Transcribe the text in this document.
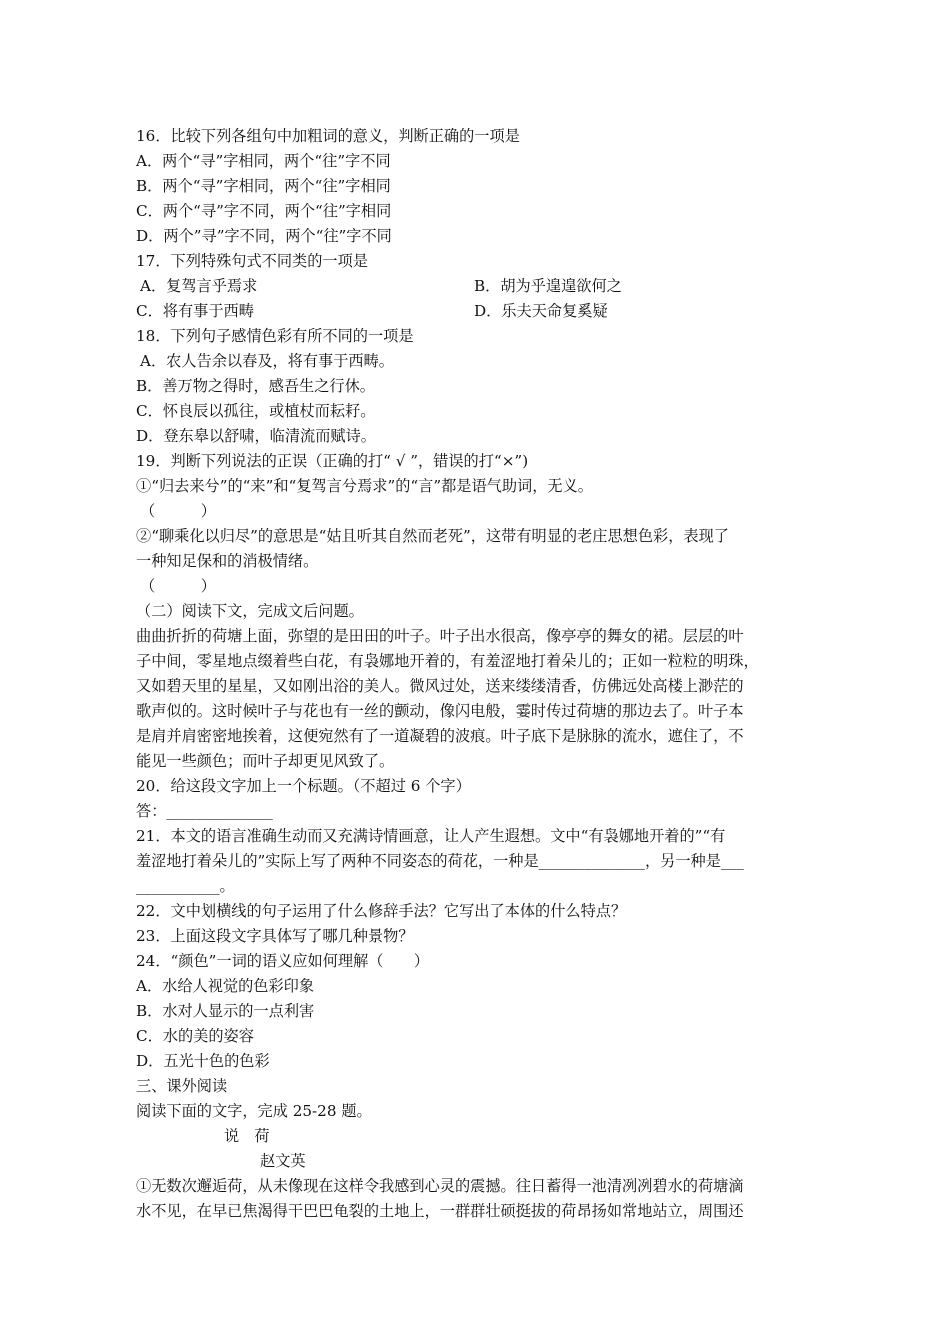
16．比较下列各组句中加粗词的意义，判断正确的一项是
A．两个“寻”字相同，两个“往”字不同
B．两个“寻”字相同，两个“往”字相同
C．两个“寻”字不同，两个“往”字相同
D．两个”寻”字不同，两个“往”字不同
17．下列特殊句式不同类的一项是
A．复驾言乎焉求	B．胡为乎遑遑欲何之
C．将有事于西畴	D．乐夫天命复奚疑
18．下列句子感情色彩有所不同的一项是
A．农人告余以春及，将有事于西畴。
B．善万物之得时，感吾生之行休。
C．怀良辰以孤往，或植杖而耘耔。
D．登东皋以舒啸，临清流而赋诗。
19．判断下列说法的正误（正确的打“ √ ”，错误的打“×”)
①“归去来兮”的“来”和“复驾言兮焉求”的“言”都是语气助词，无义。
（　　　）
②“聊乘化以归尽”的意思是“姑且听其自然而老死”，这带有明显的老庄思想色彩，表现了
一种知足保和的消极情绪。
（　　　）
（二）阅读下文，完成文后问题。
曲曲折折的荷塘上面，弥望的是田田的叶子。叶子出水很高，像亭亭的舞女的裙。层层的叶
子中间，零星地点缀着些白花，有袅娜地开着的，有羞涩地打着朵儿的；正如一粒粒的明珠，
又如碧天里的星星，又如刚出浴的美人。微风过处，送来缕缕清香，仿佛远处高楼上渺茫的
歌声似的。这时候叶子与花也有一丝的颤动，像闪电般，霎时传过荷塘的那边去了。叶子本
是肩并肩密密地挨着，这便宛然有了一道凝碧的波痕。叶子底下是脉脉的流水，遮住了，不
能见一些颜色；而叶子却更见风致了。
20．给这段文字加上一个标题。（不超过 6 个字）
答：______________
21．本文的语言准确生动而又充满诗情画意，让人产生遐想。文中“有袅娜地开着的”“有
羞涩地打着朵儿的”实际上写了两种不同姿态的荷花，一种是______________，另一种是___
___________。
22．文中划横线的句子运用了什么修辞手法？它写出了本体的什么特点？
23．上面这段文字具体写了哪几种景物？
24．“颜色”一词的语义应如何理解（　　）
A．水给人视觉的色彩印象
B．水对人显示的一点利害
C．水的美的姿容
D．五光十色的色彩
三、课外阅读
阅读下面的文字，完成 25-28 题。
说　荷
赵文英
①无数次邂逅荷，从未像现在这样令我感到心灵的震撼。往日蓄得一池清冽冽碧水的荷塘滴
水不见，在早已焦渴得干巴巴龟裂的土地上，一群群壮硕挺拔的荷昂扬如常地站立，周围还
